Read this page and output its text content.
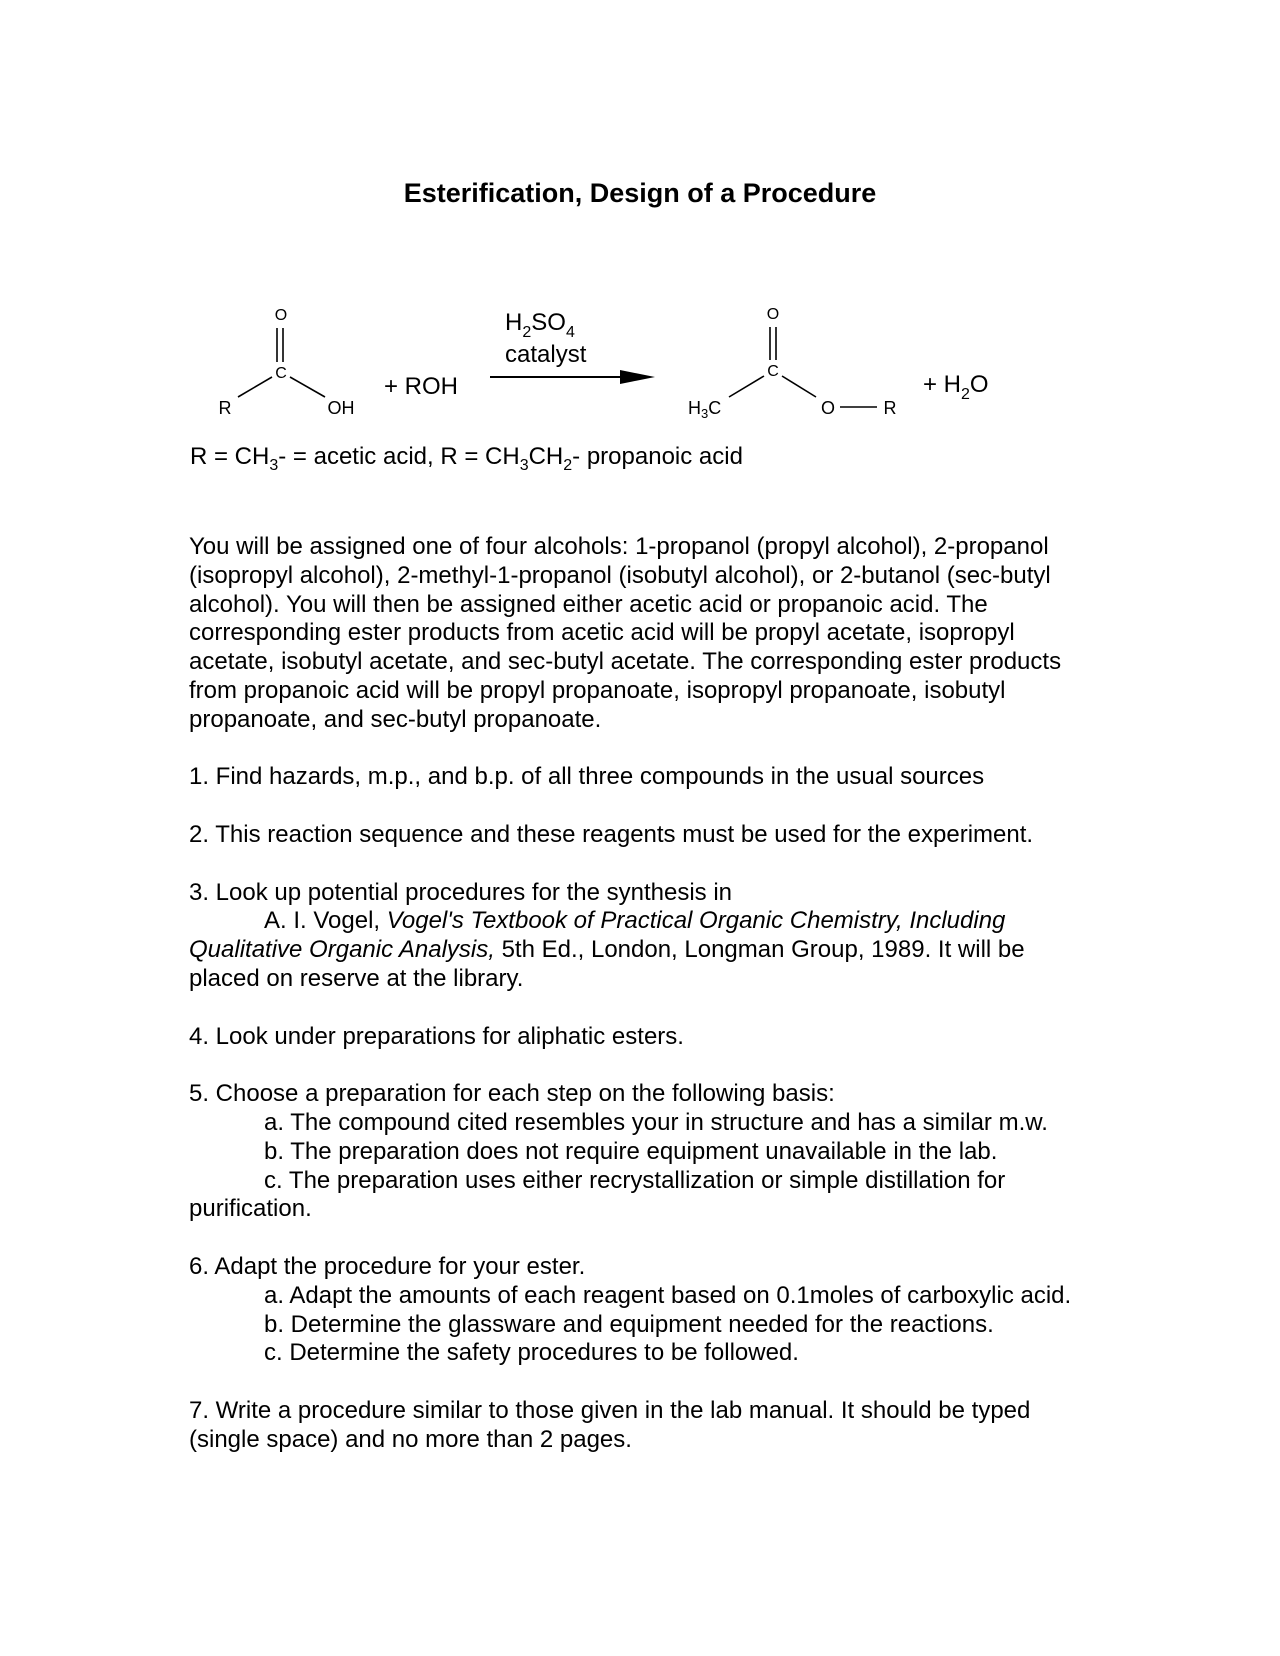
Esterification, Design of a Procedure
O
C
R	OH
+ ROH
$H_2SO_4$
catalyst
O
C
$H_3C$	O	R
+ $H_2O$
$R = CH_3-$ = acetic acid, $R = CH_3CH_2-$ propanoic acid

You will be assigned one of four alcohols: 1-propanol (propyl alcohol), 2-propanol (isopropyl alcohol), 2-methyl-1-propanol (isobutyl alcohol), or 2-butanol (sec-butyl alcohol). You will then be assigned either acetic acid or propanoic acid. The corresponding ester products from acetic acid will be propyl acetate, isopropyl acetate, isobutyl acetate, and sec-butyl acetate. The corresponding ester products from propanoic acid will be propyl propanoate, isopropyl propanoate, isobutyl propanoate, and sec-butyl propanoate.

1. Find hazards, m.p., and b.p. of all three compounds in the usual sources

2. This reaction sequence and these reagents must be used for the experiment.

3. Look up potential procedures for the synthesis in

A. I. Vogel, Vogel's Textbook of Practical Organic Chemistry, Including Qualitative Organic Analysis, 5th Ed., London, Longman Group, 1989. It will be placed on reserve at the library.

4. Look under preparations for aliphatic esters.

5. Choose a preparation for each step on the following basis:

a. The compound cited resembles your in structure and has a similar m.w.

b. The preparation does not require equipment unavailable in the lab.

c. The preparation uses either recrystallization or simple distillation for purification.

6. Adapt the procedure for your ester.

a. Adapt the amounts of each reagent based on 0.1moles of carboxylic acid.

b. Determine the glassware and equipment needed for the reactions.

c. Determine the safety procedures to be followed.

7. Write a procedure similar to those given in the lab manual. It should be typed (single space) and no more than 2 pages.
